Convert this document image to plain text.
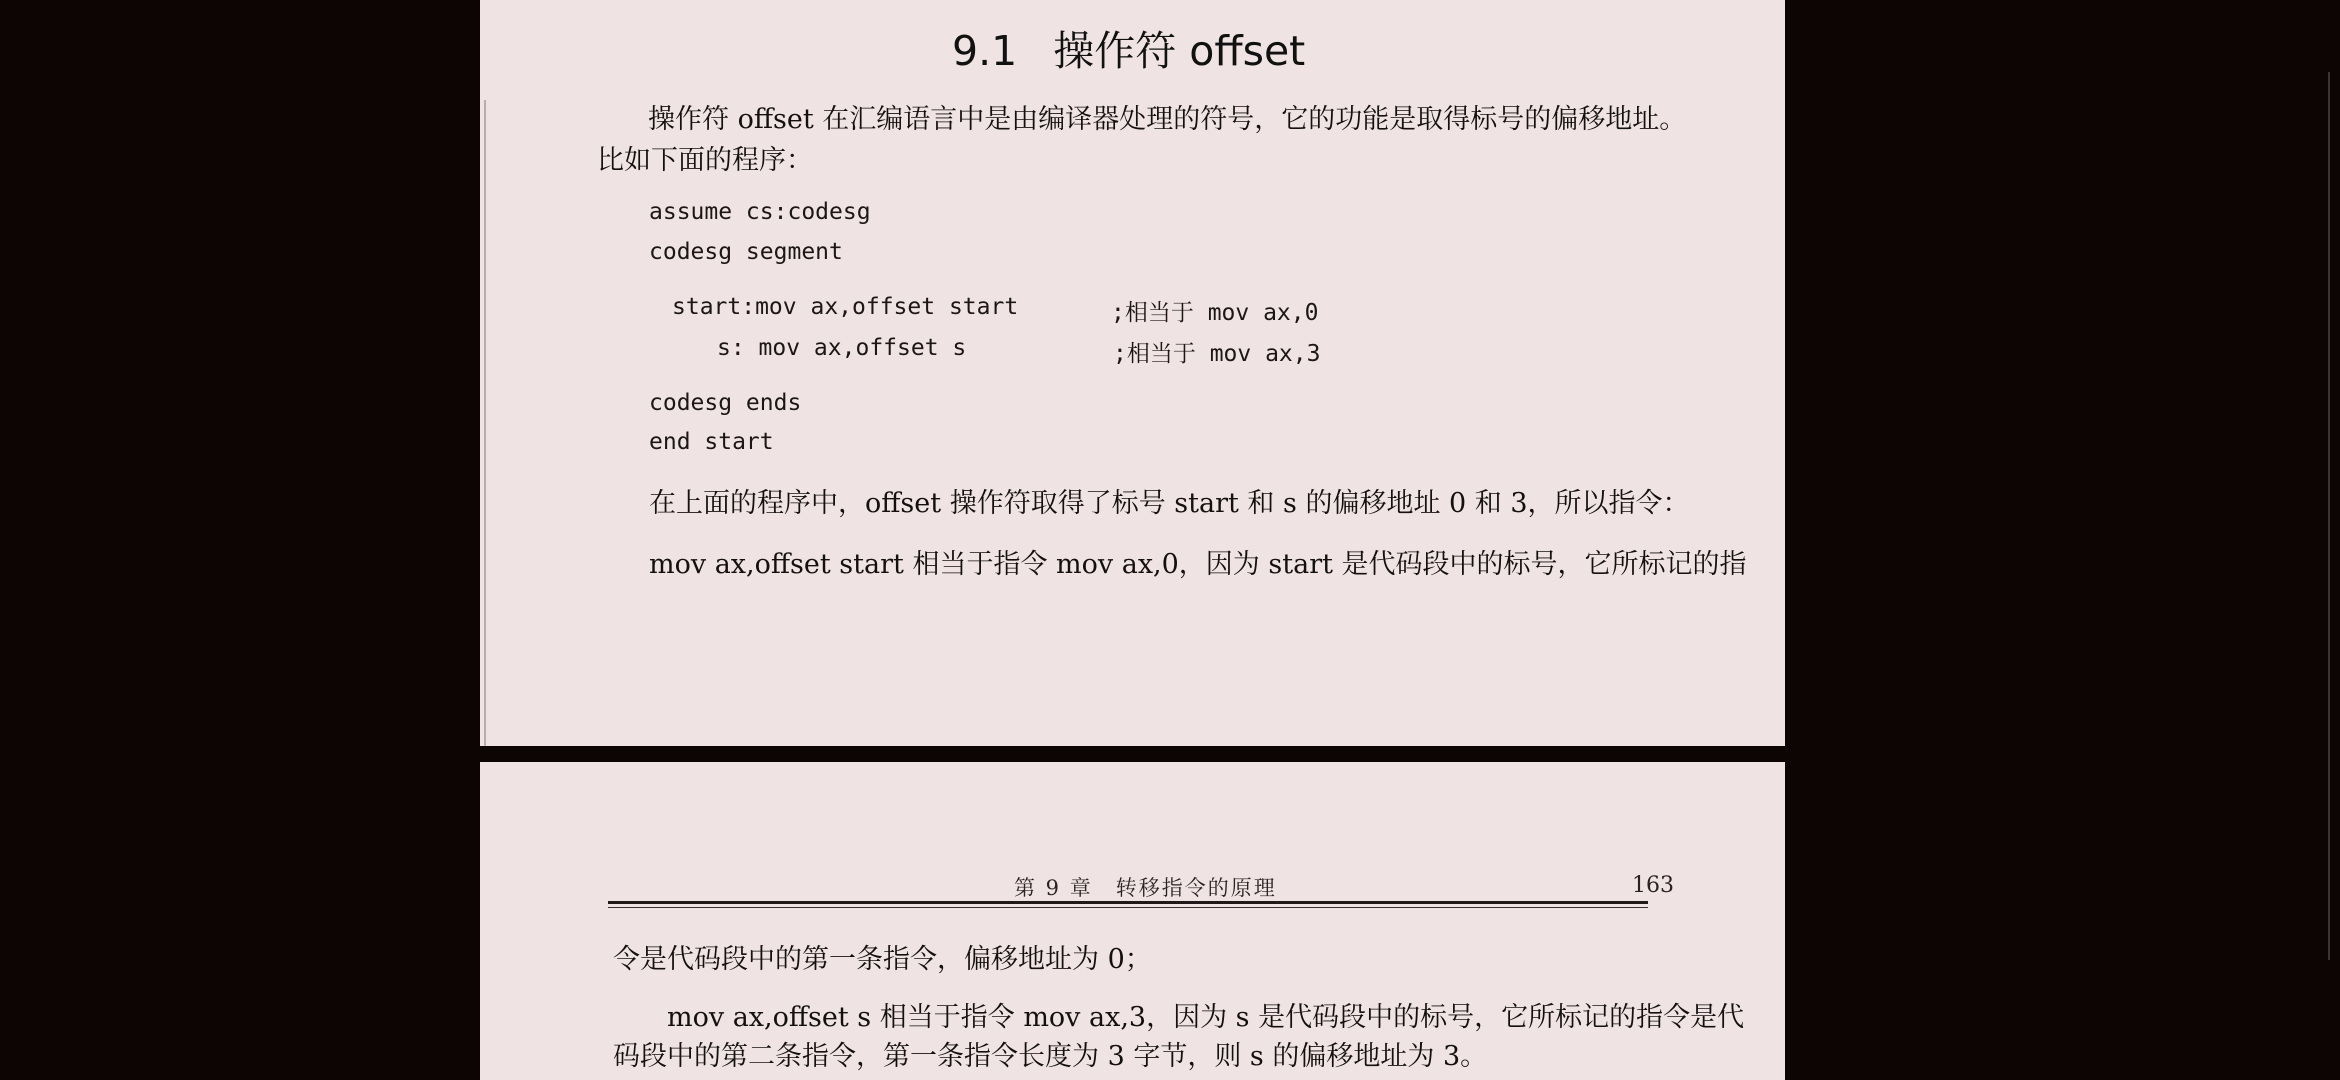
9.1 操作符 offset
操作符 offset 在汇编语言中是由编译器处理的符号，它的功能是取得标号的偏移地址。
比如下面的程序：
assume cs:codesg
codesg segment
start:mov ax,offset start	;相当于 mov ax,0
s: mov ax,offset s	;相当于 mov ax,3
codesg ends
end start
在上面的程序中，offset 操作符取得了标号 start 和 s 的偏移地址 0 和 3，所以指令：
mov ax,offset start 相当于指令 mov ax,0，因为 start 是代码段中的标号，它所标记的指
第 9 章　转移指令的原理	163
令是代码段中的第一条指令，偏移地址为 0；
mov ax,offset s 相当于指令 mov ax,3，因为 s 是代码段中的标号，它所标记的指令是代
码段中的第二条指令，第一条指令长度为 3 字节，则 s 的偏移地址为 3。
